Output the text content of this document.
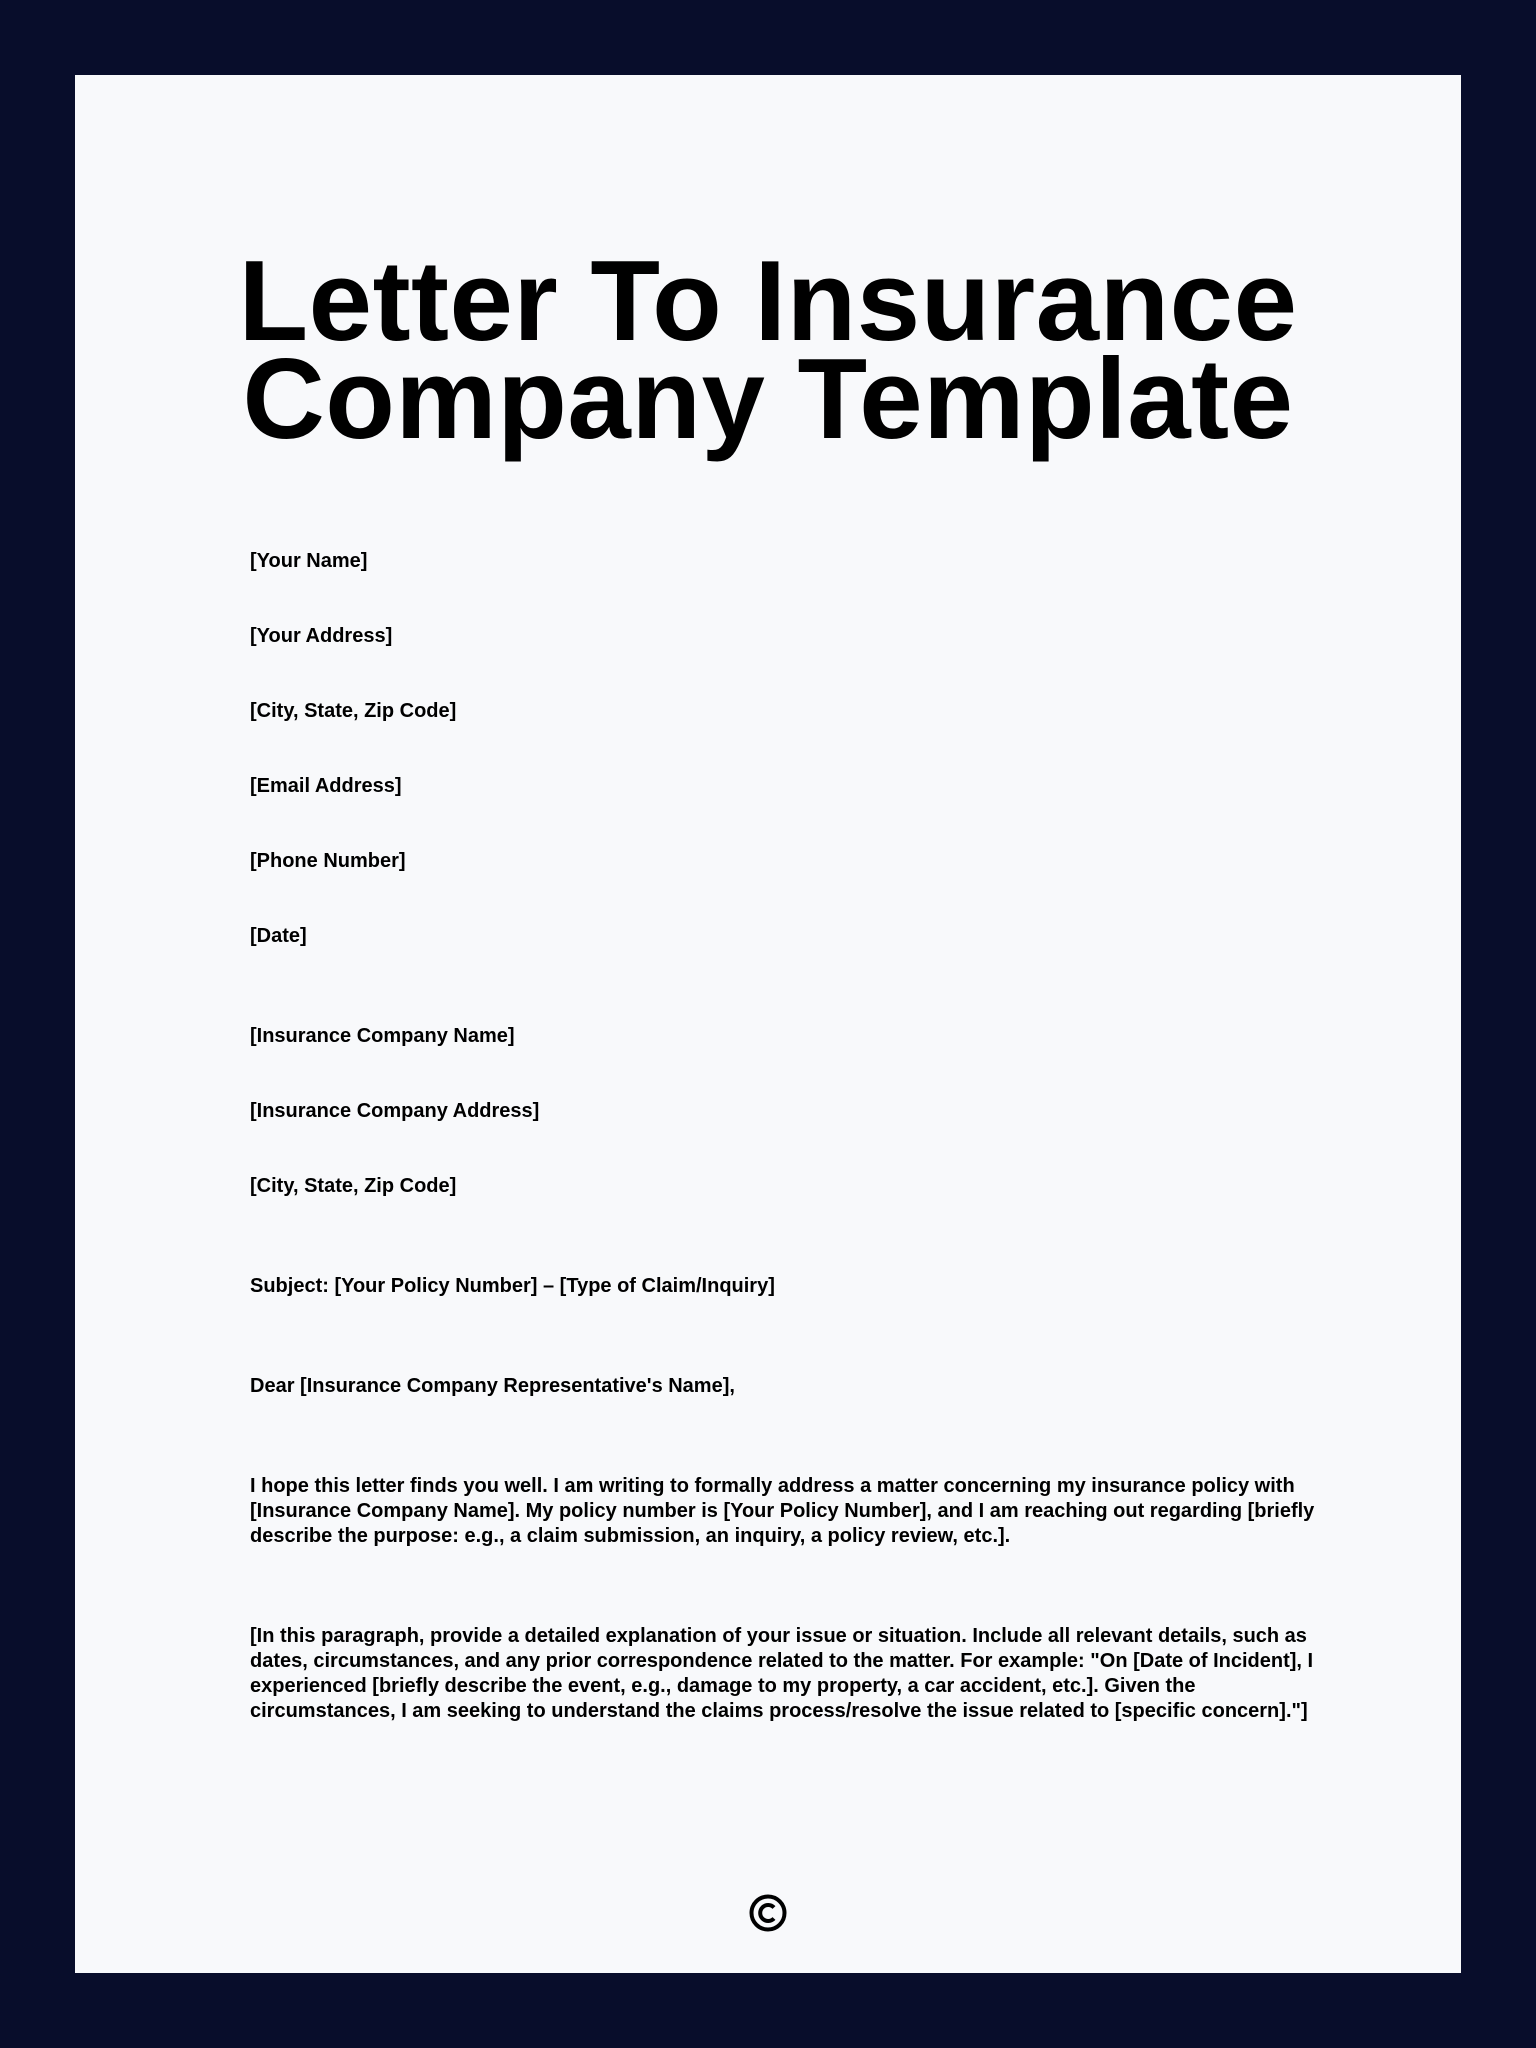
Letter To Insurance
Company Template
[Your Name]
[Your Address]
[City, State, Zip Code]
[Email Address]
[Phone Number]
[Date]
[Insurance Company Name]
[Insurance Company Address]
[City, State, Zip Code]
Subject: [Your Policy Number] – [Type of Claim/Inquiry]
Dear [Insurance Company Representative's Name],
I hope this letter finds you well. I am writing to formally address a matter concerning my insurance policy with [Insurance Company Name]. My policy number is [Your Policy Number], and I am reaching out regarding [briefly describe the purpose: e.g., a claim submission, an inquiry, a policy review, etc.].
[In this paragraph, provide a detailed explanation of your issue or situation. Include all relevant details, such as dates, circumstances, and any prior correspondence related to the matter. For example: "On [Date of Incident], I experienced [briefly describe the event, e.g., damage to my property, a car accident, etc.]. Given the circumstances, I am seeking to understand the claims process/resolve the issue related to [specific concern]."]
